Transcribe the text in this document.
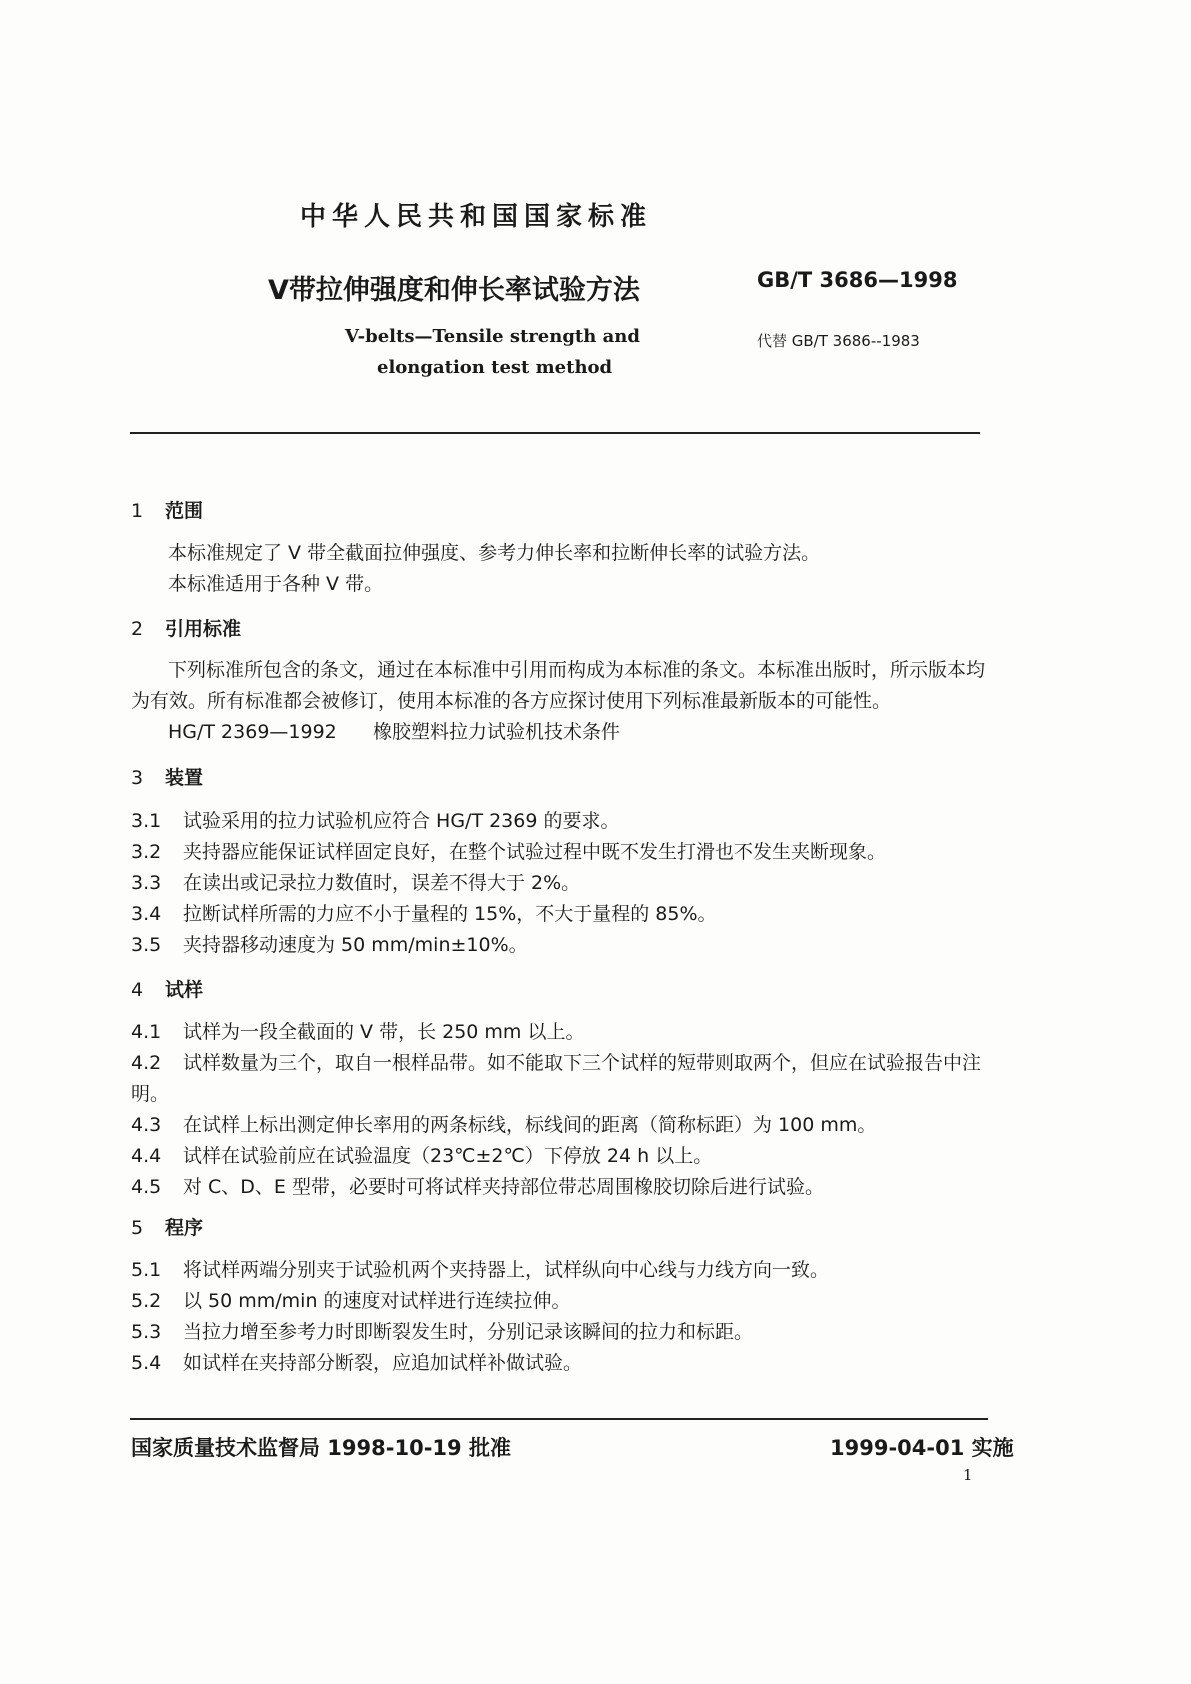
中华人民共和国国家标准
V带拉伸强度和伸长率试验方法	GB/T 3686—1998
V-belts—Tensile strength and
elongation test method
代替 GB/T 3686--1983
1 范围
本标准规定了 V 带全截面拉伸强度、参考力伸长率和拉断伸长率的试验方法。
本标准适用于各种 V 带。
2 引用标准
下列标准所包含的条文，通过在本标准中引用而构成为本标准的条文。本标准出版时，所示版本均
为有效。所有标准都会被修订，使用本标准的各方应探讨使用下列标准最新版本的可能性。
HG/T 2369—1992 橡胶塑料拉力试验机技术条件
3 装置
3.1 试验采用的拉力试验机应符合 HG/T 2369 的要求。
3.2 夹持器应能保证试样固定良好，在整个试验过程中既不发生打滑也不发生夹断现象。
3.3 在读出或记录拉力数值时，误差不得大于 2%。
3.4 拉断试样所需的力应不小于量程的 15%，不大于量程的 85%。
3.5 夹持器移动速度为 50 mm/min±10%。
4 试样
4.1 试样为一段全截面的 V 带，长 250 mm 以上。
4.2 试样数量为三个，取自一根样品带。如不能取下三个试样的短带则取两个，但应在试验报告中注
明。
4.3 在试样上标出测定伸长率用的两条标线，标线间的距离（简称标距）为 100 mm。
4.4 试样在试验前应在试验温度（23℃±2℃）下停放 24 h 以上。
4.5 对 C、D、E 型带，必要时可将试样夹持部位带芯周围橡胶切除后进行试验。
5 程序
5.1 将试样两端分别夹于试验机两个夹持器上，试样纵向中心线与力线方向一致。
5.2 以 50 mm/min 的速度对试样进行连续拉伸。
5.3 当拉力增至参考力时即断裂发生时，分别记录该瞬间的拉力和标距。
5.4 如试样在夹持部分断裂，应追加试样补做试验。
国家质量技术监督局 1998-10-19 批准	1999-04-01 实施
1
